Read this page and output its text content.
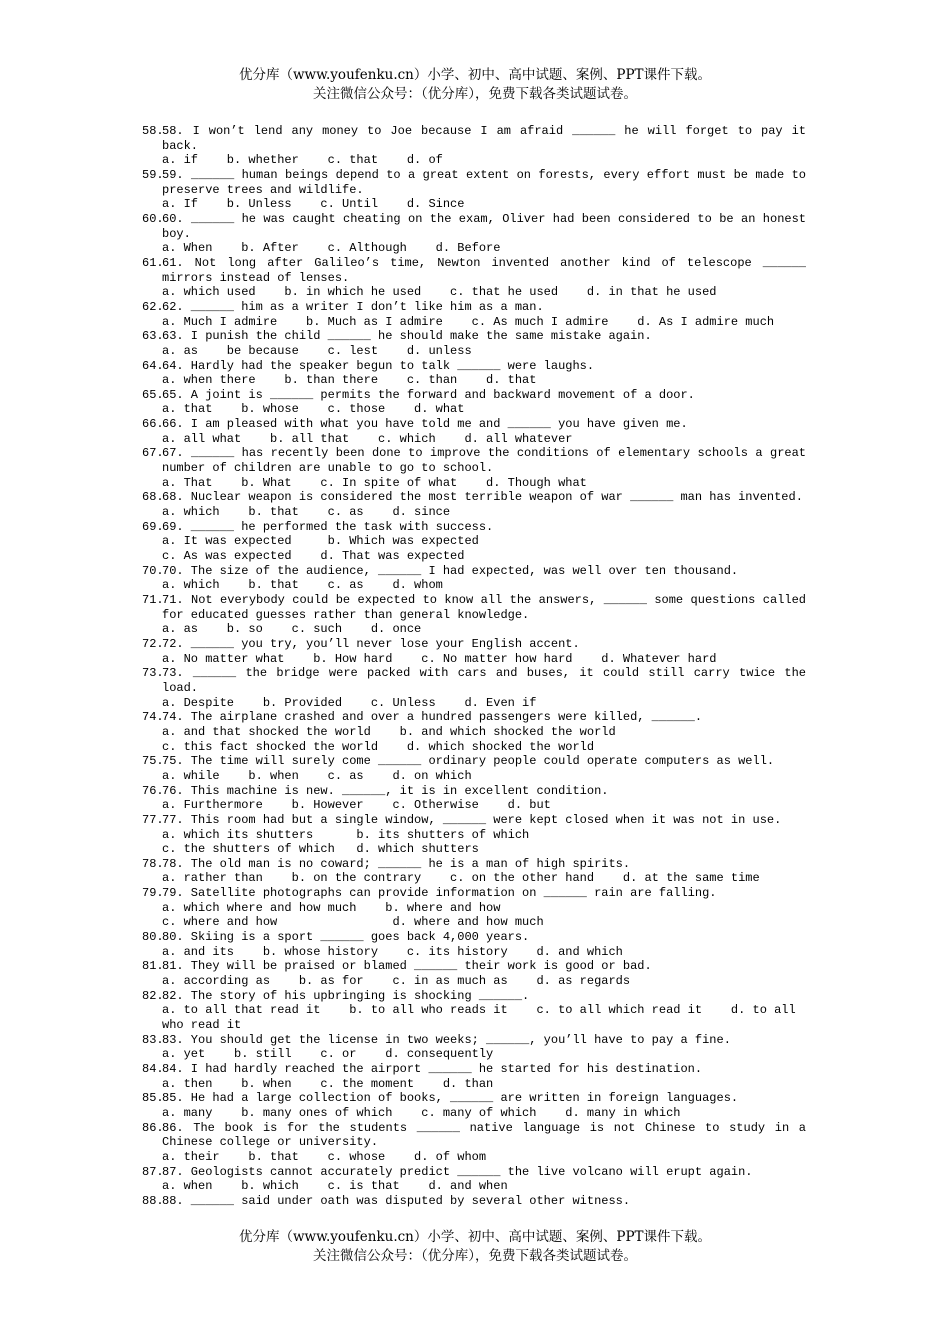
优分库（www.youfenku.cn）小学、初中、高中试题、案例、PPT课件下载。
关注微信公众号：（优分库），免费下载各类试题试卷。
58.58. I won’t lend any money to Joe because I am afraid ______ he will forget to pay it back.
a. if    b. whether    c. that    d. of
59.59. ______ human beings depend to a great extent on forests, every effort must be made to preserve trees and wildlife.
a. If    b. Unless    c. Until    d. Since
60.60. ______ he was caught cheating on the exam, Oliver had been considered to be an honest boy.
a. When    b. After    c. Although    d. Before
61.61. Not long after Galileo’s time, Newton invented another kind of telescope ______ mirrors instead of lenses.
a. which used    b. in which he used    c. that he used    d. in that he used
62.62. ______ him as a writer I don’t like him as a man.
a. Much I admire    b. Much as I admire    c. As much I admire    d. As I admire much
63.63. I punish the child ______ he should make the same mistake again.
a. as    be because    c. lest    d. unless
64.64. Hardly had the speaker begun to talk ______ were laughs.
a. when there    b. than there    c. than    d. that
65.65. A joint is ______ permits the forward and backward movement of a door.
a. that    b. whose    c. those    d. what
66.66. I am pleased with what you have told me and ______ you have given me.
a. all what    b. all that    c. which    d. all whatever
67.67. ______ has recently been done to improve the conditions of elementary schools a great number of children are unable to go to school.
a. That    b. What    c. In spite of what    d. Though what
68.68. Nuclear weapon is considered the most terrible weapon of war ______ man has invented.
a. which    b. that    c. as    d. since
69.69. ______ he performed the task with success.
a. It was expected     b. Which was expected
c. As was expected    d. That was expected
70.70. The size of the audience, ______ I had expected, was well over ten thousand.
a. which    b. that    c. as    d. whom
71.71. Not everybody could be expected to know all the answers, ______ some questions called for educated guesses rather than general knowledge.
a. as    b. so    c. such    d. once
72.72. ______ you try, you’ll never lose your English accent.
a. No matter what    b. How hard    c. No matter how hard    d. Whatever hard
73.73. ______ the bridge were packed with cars and buses, it could still carry twice the load.
a. Despite    b. Provided    c. Unless    d. Even if
74.74. The airplane crashed and over a hundred passengers were killed, ______.
a. and that shocked the world    b. and which shocked the world
c. this fact shocked the world    d. which shocked the world
75.75. The time will surely come ______ ordinary people could operate computers as well.
a. while    b. when    c. as    d. on which
76.76. This machine is new. ______, it is in excellent condition.
a. Furthermore    b. However    c. Otherwise    d. but
77.77. This room had but a single window, ______ were kept closed when it was not in use.
a. which its shutters      b. its shutters of which
c. the shutters of which   d. which shutters
78.78. The old man is no coward; ______ he is a man of high spirits.
a. rather than    b. on the contrary    c. on the other hand    d. at the same time
79.79. Satellite photographs can provide information on ______ rain are falling.
a. which where and how much    b. where and how
c. where and how                d. where and how much
80.80. Skiing is a sport ______ goes back 4,000 years.
a. and its    b. whose history    c. its history    d. and which
81.81. They will be praised or blamed ______ their work is good or bad.
a. according as    b. as for    c. in as much as    d. as regards
82.82. The story of his upbringing is shocking ______.
a. to all that read it    b. to all who reads it    c. to all which read it    d. to all
who read it
83.83. You should get the license in two weeks; ______, you’ll have to pay a fine.
a. yet    b. still    c. or    d. consequently
84.84. I had hardly reached the airport ______ he started for his destination.
a. then    b. when    c. the moment    d. than
85.85. He had a large collection of books, ______ are written in foreign languages.
a. many    b. many ones of which    c. many of which    d. many in which
86.86. The book is for the students ______ native language is not Chinese to study in a Chinese college or university.
a. their    b. that    c. whose    d. of whom
87.87. Geologists cannot accurately predict ______ the live volcano will erupt again.
a. when    b. which    c. is that    d. and when
88.88. ______ said under oath was disputed by several other witness.
优分库（www.youfenku.cn）小学、初中、高中试题、案例、PPT课件下载。
关注微信公众号：（优分库），免费下载各类试题试卷。
